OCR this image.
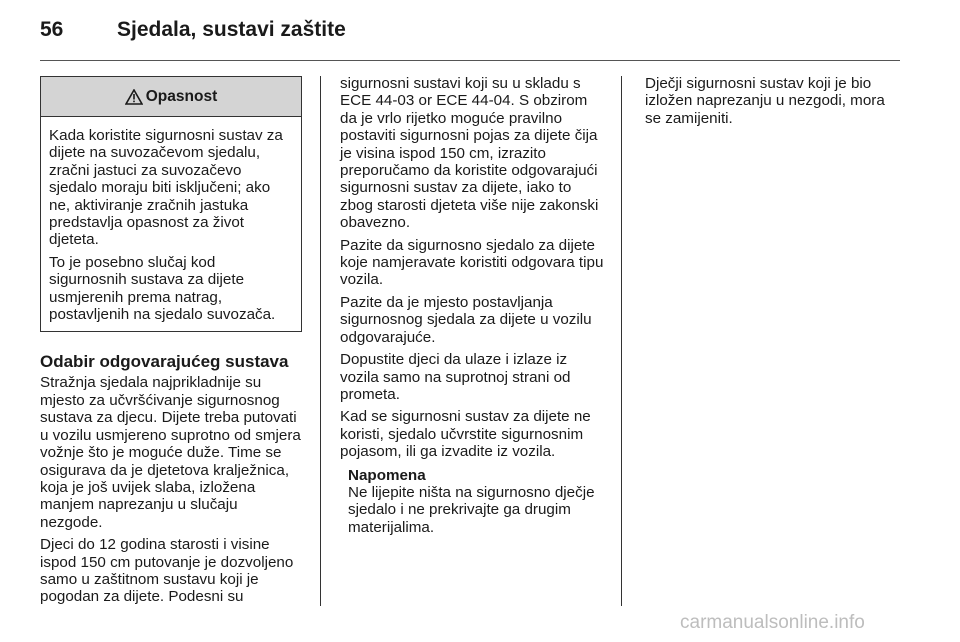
56	Sjedala, sustavi zaštite
Opasnost

Kada koristite sigurnosni sustav za dijete na suvozačevom sjedalu, zračni jastuci za suvozačevo sjedalo moraju biti isključeni; ako ne, aktiviranje zračnih jastuka predstavlja opasnost za život djeteta.

To je posebno slučaj kod sigurnosnih sustava za dijete usmjerenih prema natrag, postavljenih na sjedalo suvozača.

Odabir odgovarajućeg sustava

Stražnja sjedala najprikladnije su mjesto za učvršćivanje sigurnosnog sustava za djecu. Dijete treba putovati u vozilu usmjereno suprotno od smjera vožnje što je moguće duže. Time se osigurava da je djetetova kralježnica, koja je još uvijek slaba, izložena manjem naprezanju u slučaju nezgode.

Djeci do 12 godina starosti i visine ispod 150 cm putovanje je dozvoljeno samo u zaštitnom sustavu koji je pogodan za dijete. Podesni su

sigurnosni sustavi koji su u skladu s ECE 44-03 or ECE 44-04. S obzirom da je vrlo rijetko moguće pravilno postaviti sigurnosni pojas za dijete čija je visina ispod 150 cm, izrazito preporučamo da koristite odgovarajući sigurnosni sustav za dijete, iako to zbog starosti djeteta više nije zakonski obavezno.

Pazite da sigurnosno sjedalo za dijete koje namjeravate koristiti odgovara tipu vozila.

Pazite da je mjesto postavljanja sigurnosnog sjedala za dijete u vozilu odgovarajuće.

Dopustite djeci da ulaze i izlaze iz vozila samo na suprotnoj strani od prometa.

Kad se sigurnosni sustav za dijete ne koristi, sjedalo učvrstite sigurnosnim pojasom, ili ga izvadite iz vozila.

Napomena

Ne lijepite ništa na sigurnosno dječje sjedalo i ne prekrivajte ga drugim materijalima.

Dječji sigurnosni sustav koji je bio izložen naprezanju u nezgodi, mora se zamijeniti.

carmanualsonline.info
